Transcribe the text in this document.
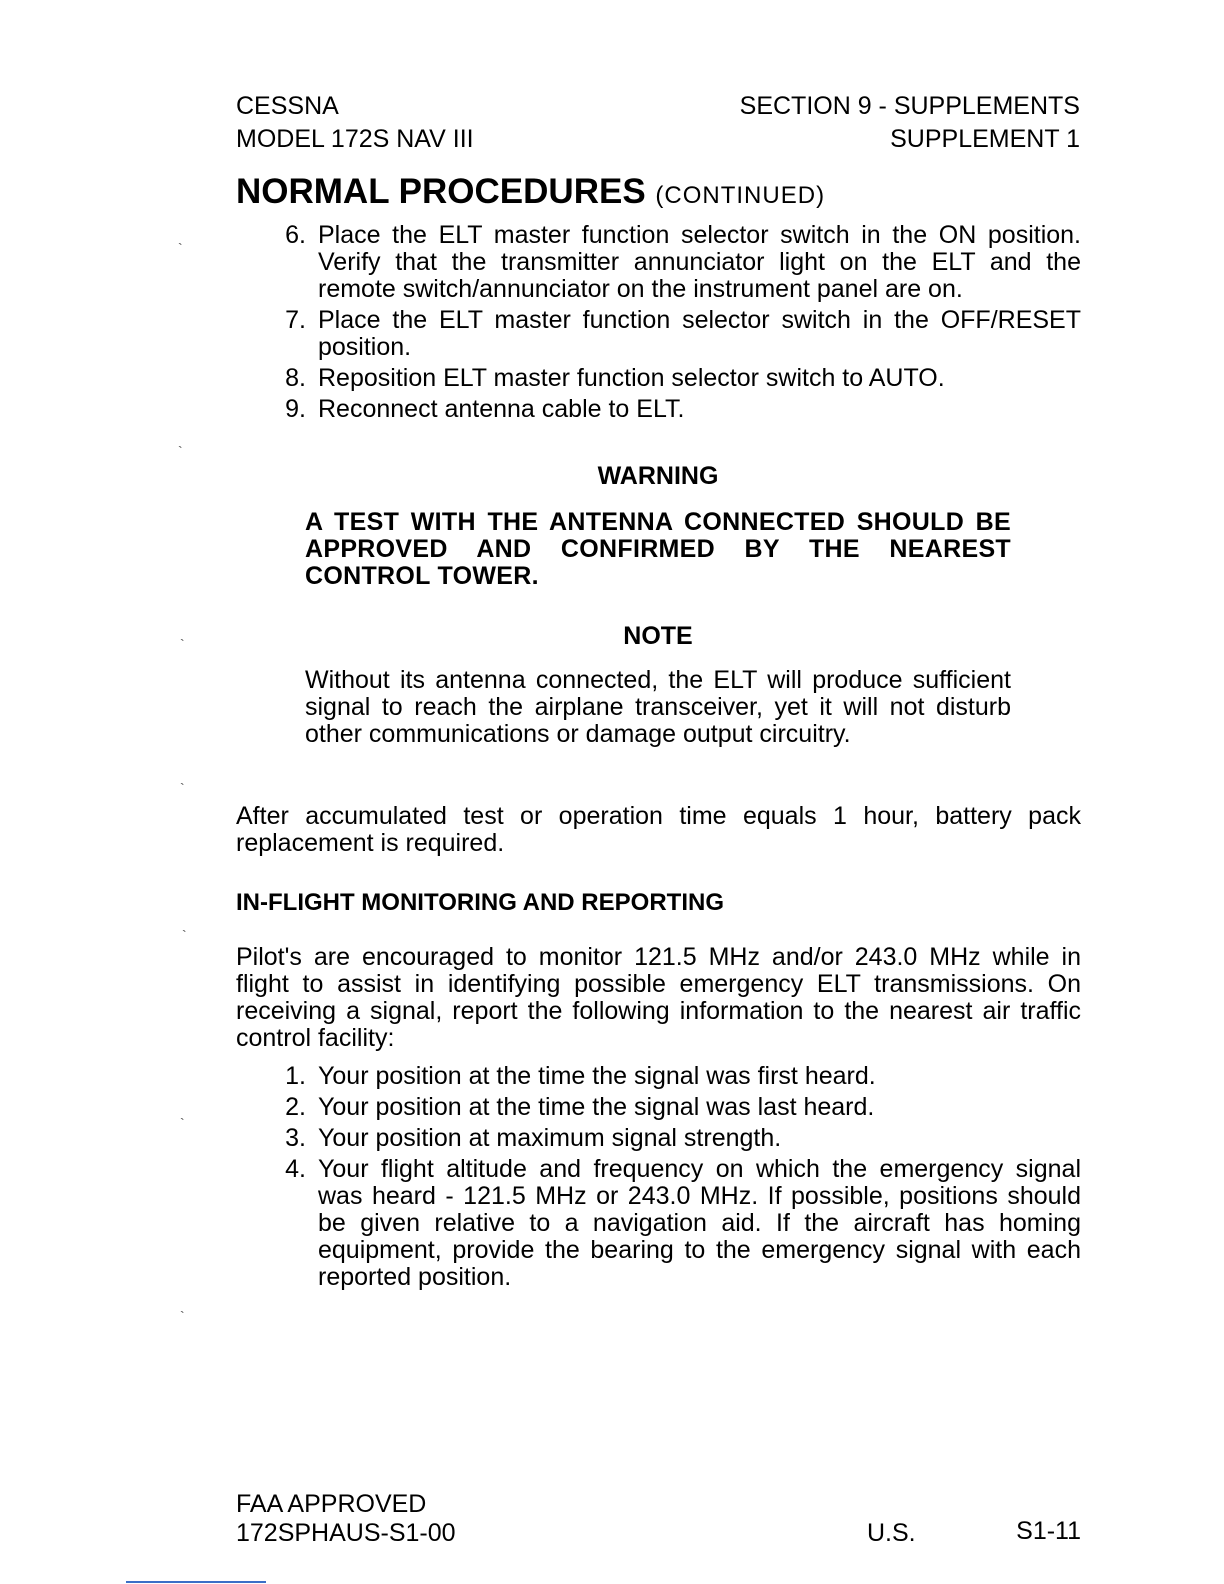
CESSNA
MODEL 172S NAV III
SECTION 9 - SUPPLEMENTS
SUPPLEMENT 1
NORMAL PROCEDURES (CONTINUED)
6. Place the ELT master function selector switch in the ON position. Verify that the transmitter annunciator light on the ELT and the remote switch/annunciator on the instrument panel are on.
7. Place the ELT master function selector switch in the OFF/RESET position.
8. Reposition ELT master function selector switch to AUTO.
9. Reconnect antenna cable to ELT.
WARNING
A TEST WITH THE ANTENNA CONNECTED SHOULD BE APPROVED AND CONFIRMED BY THE NEAREST CONTROL TOWER.
NOTE
Without its antenna connected, the ELT will produce sufficient signal to reach the airplane transceiver, yet it will not disturb other communications or damage output circuitry.
After accumulated test or operation time equals 1 hour, battery pack replacement is required.
IN-FLIGHT MONITORING AND REPORTING
Pilot's are encouraged to monitor 121.5 MHz and/or 243.0 MHz while in flight to assist in identifying possible emergency ELT transmissions. On receiving a signal, report the following information to the nearest air traffic control facility:
1. Your position at the time the signal was first heard.
2. Your position at the time the signal was last heard.
3. Your position at maximum signal strength.
4. Your flight altitude and frequency on which the emergency signal was heard - 121.5 MHz or 243.0 MHz. If possible, positions should be given relative to a navigation aid. If the aircraft has homing equipment, provide the bearing to the emergency signal with each reported position.
FAA APPROVED
172SPHAUS-S1-00	U.S.	S1-11
`
`
`
`
`
`
`
